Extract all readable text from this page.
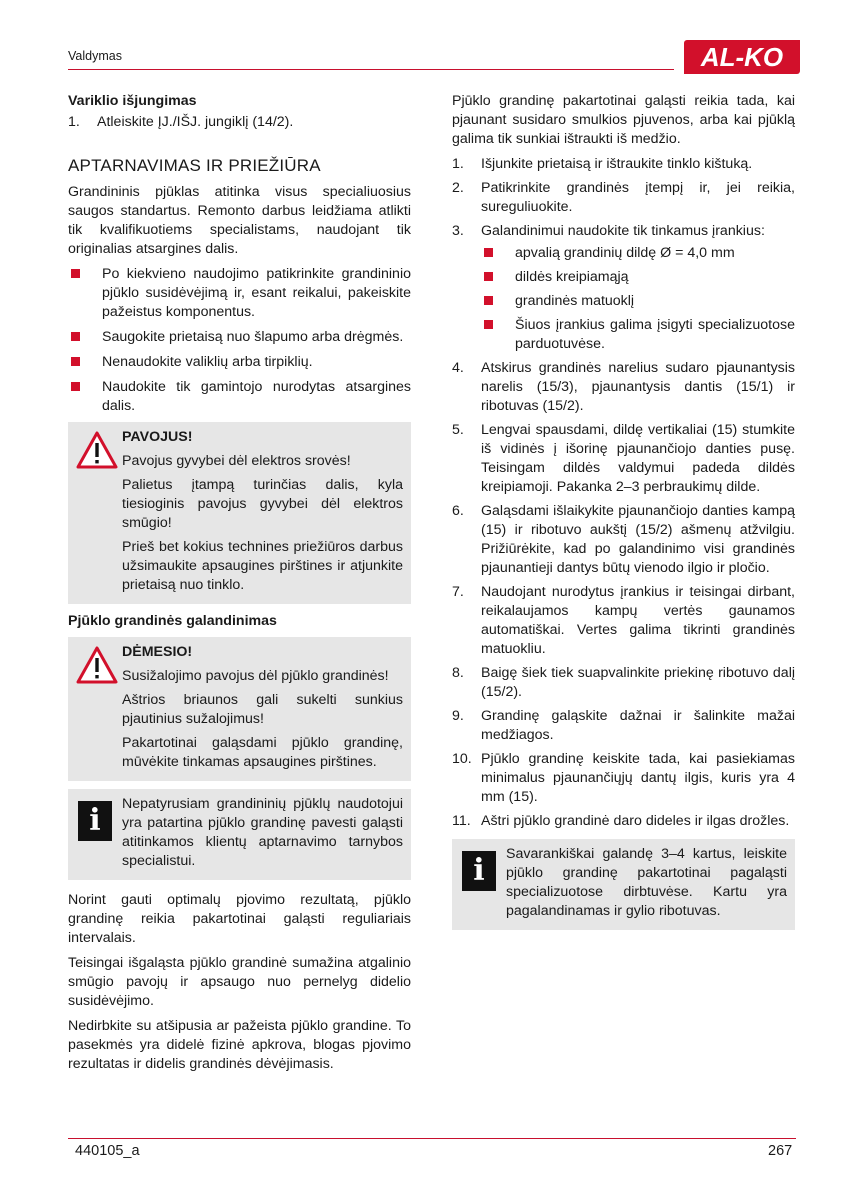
Valdymas	AL-KO
Variklio išjungimas
1.	Atleiskite ĮJ./IŠJ. jungiklį (14/2).
APTARNAVIMAS IR PRIEŽIŪRA

Grandininis pjūklas atitinka visus specialiuosius saugos standartus. Remonto darbus leidžiama atlikti tik kvalifikuotiems specialistams, naudojant tik originalias atsargines dalis.

Po kiekvieno naudojimo patikrinkite grandininio pjūklo susidėvėjimą ir, esant reikalui, pakeiskite pažeistus komponentus.
Saugokite prietaisą nuo šlapumo arba drėgmės.
Nenaudokite valiklių arba tirpiklių.
Naudokite tik gamintojo nurodytas atsargines dalis.

PAVOJUS!

Pavojus gyvybei dėl elektros srovės!

Palietus įtampą turinčias dalis, kyla tiesioginis pavojus gyvybei dėl elektros smūgio!

Prieš bet kokius technines priežiūros darbus užsimaukite apsaugines pirštines ir atjunkite prietaisą nuo tinklo.

Pjūklo grandinės galandinimas

DĖMESIO!

Susižalojimo pavojus dėl pjūklo grandinės!

Aštrios briaunos gali sukelti sunkius pjautinius sužalojimus!

Pakartotinai galąsdami pjūklo grandinę, mūvėkite tinkamas apsaugines pirštines.

i	Nepatyrusiam grandininių pjūklų naudotojui yra patartina pjūklo grandinę pavesti galąsti atitinkamos klientų aptarnavimo tarnybos specialistui.

Norint gauti optimalų pjovimo rezultatą, pjūklo grandinę reikia pakartotinai galąsti reguliariais intervalais.

Teisingai išgaląsta pjūklo grandinė sumažina atgalinio smūgio pavojų ir apsaugo nuo pernelyg didelio susidėvėjimo.

Nedirbkite su atšipusia ar pažeista pjūklo grandine. To pasekmės yra didelė fizinė apkrova, blogas pjovimo rezultatas ir didelis grandinės dėvėjimasis.

Pjūklo grandinę pakartotinai galąsti reikia tada, kai pjaunant susidaro smulkios pjuvenos, arba kai pjūklą galima tik sunkiai ištraukti iš medžio.

1.	Išjunkite prietaisą ir ištraukite tinklo kištuką.
2.	Patikrinkite grandinės įtempį ir, jei reikia, sureguliuokite.
3.	Galandinimui naudokite tik tinkamus įrankius:
apvalią grandinių dildę Ø = 4,0 mm
dildės kreipiamąją
grandinės matuoklį
Šiuos įrankius galima įsigyti specializuotose parduotuvėse.
4.	Atskirus grandinės narelius sudaro pjaunantysis narelis (15/3), pjaunantysis dantis (15/1) ir ribotuvas (15/2).
5.	Lengvai spausdami, dildę vertikaliai (15) stumkite iš vidinės į išorinę pjaunančiojo danties pusę. Teisingam dildės valdymui padeda dildės kreipiamoji. Pakanka 2–3 perbraukimų dilde.
6.	Galąsdami išlaikykite pjaunančiojo danties kampą (15) ir ribotuvo aukštį (15/2) ašmenų atžvilgiu. Prižiūrėkite, kad po galandinimo visi grandinės pjaunantieji dantys būtų vienodo ilgio ir pločio.
7.	Naudojant nurodytus įrankius ir teisingai dirbant, reikalaujamos kampų vertės gaunamos automatiškai. Vertes galima tikrinti grandinės matuokliu.
8.	Baigę šiek tiek suapvalinkite priekinę ribotuvo dalį (15/2).
9.	Grandinę galąskite dažnai ir šalinkite mažai medžiagos.
10. Pjūklo grandinę keiskite tada, kai pasiekiamas minimalus pjaunančiųjų dantų ilgis, kuris yra 4 mm (15).
11. Aštri pjūklo grandinė daro dideles ir ilgas drožles.
i	Savarankiškai galandę 3–4 kartus, leiskite pjūklo grandinę pakartotinai pagaląsti specializuotose dirbtuvėse. Kartu yra pagalandinamas ir gylio ribotuvas.

440105_a	267
